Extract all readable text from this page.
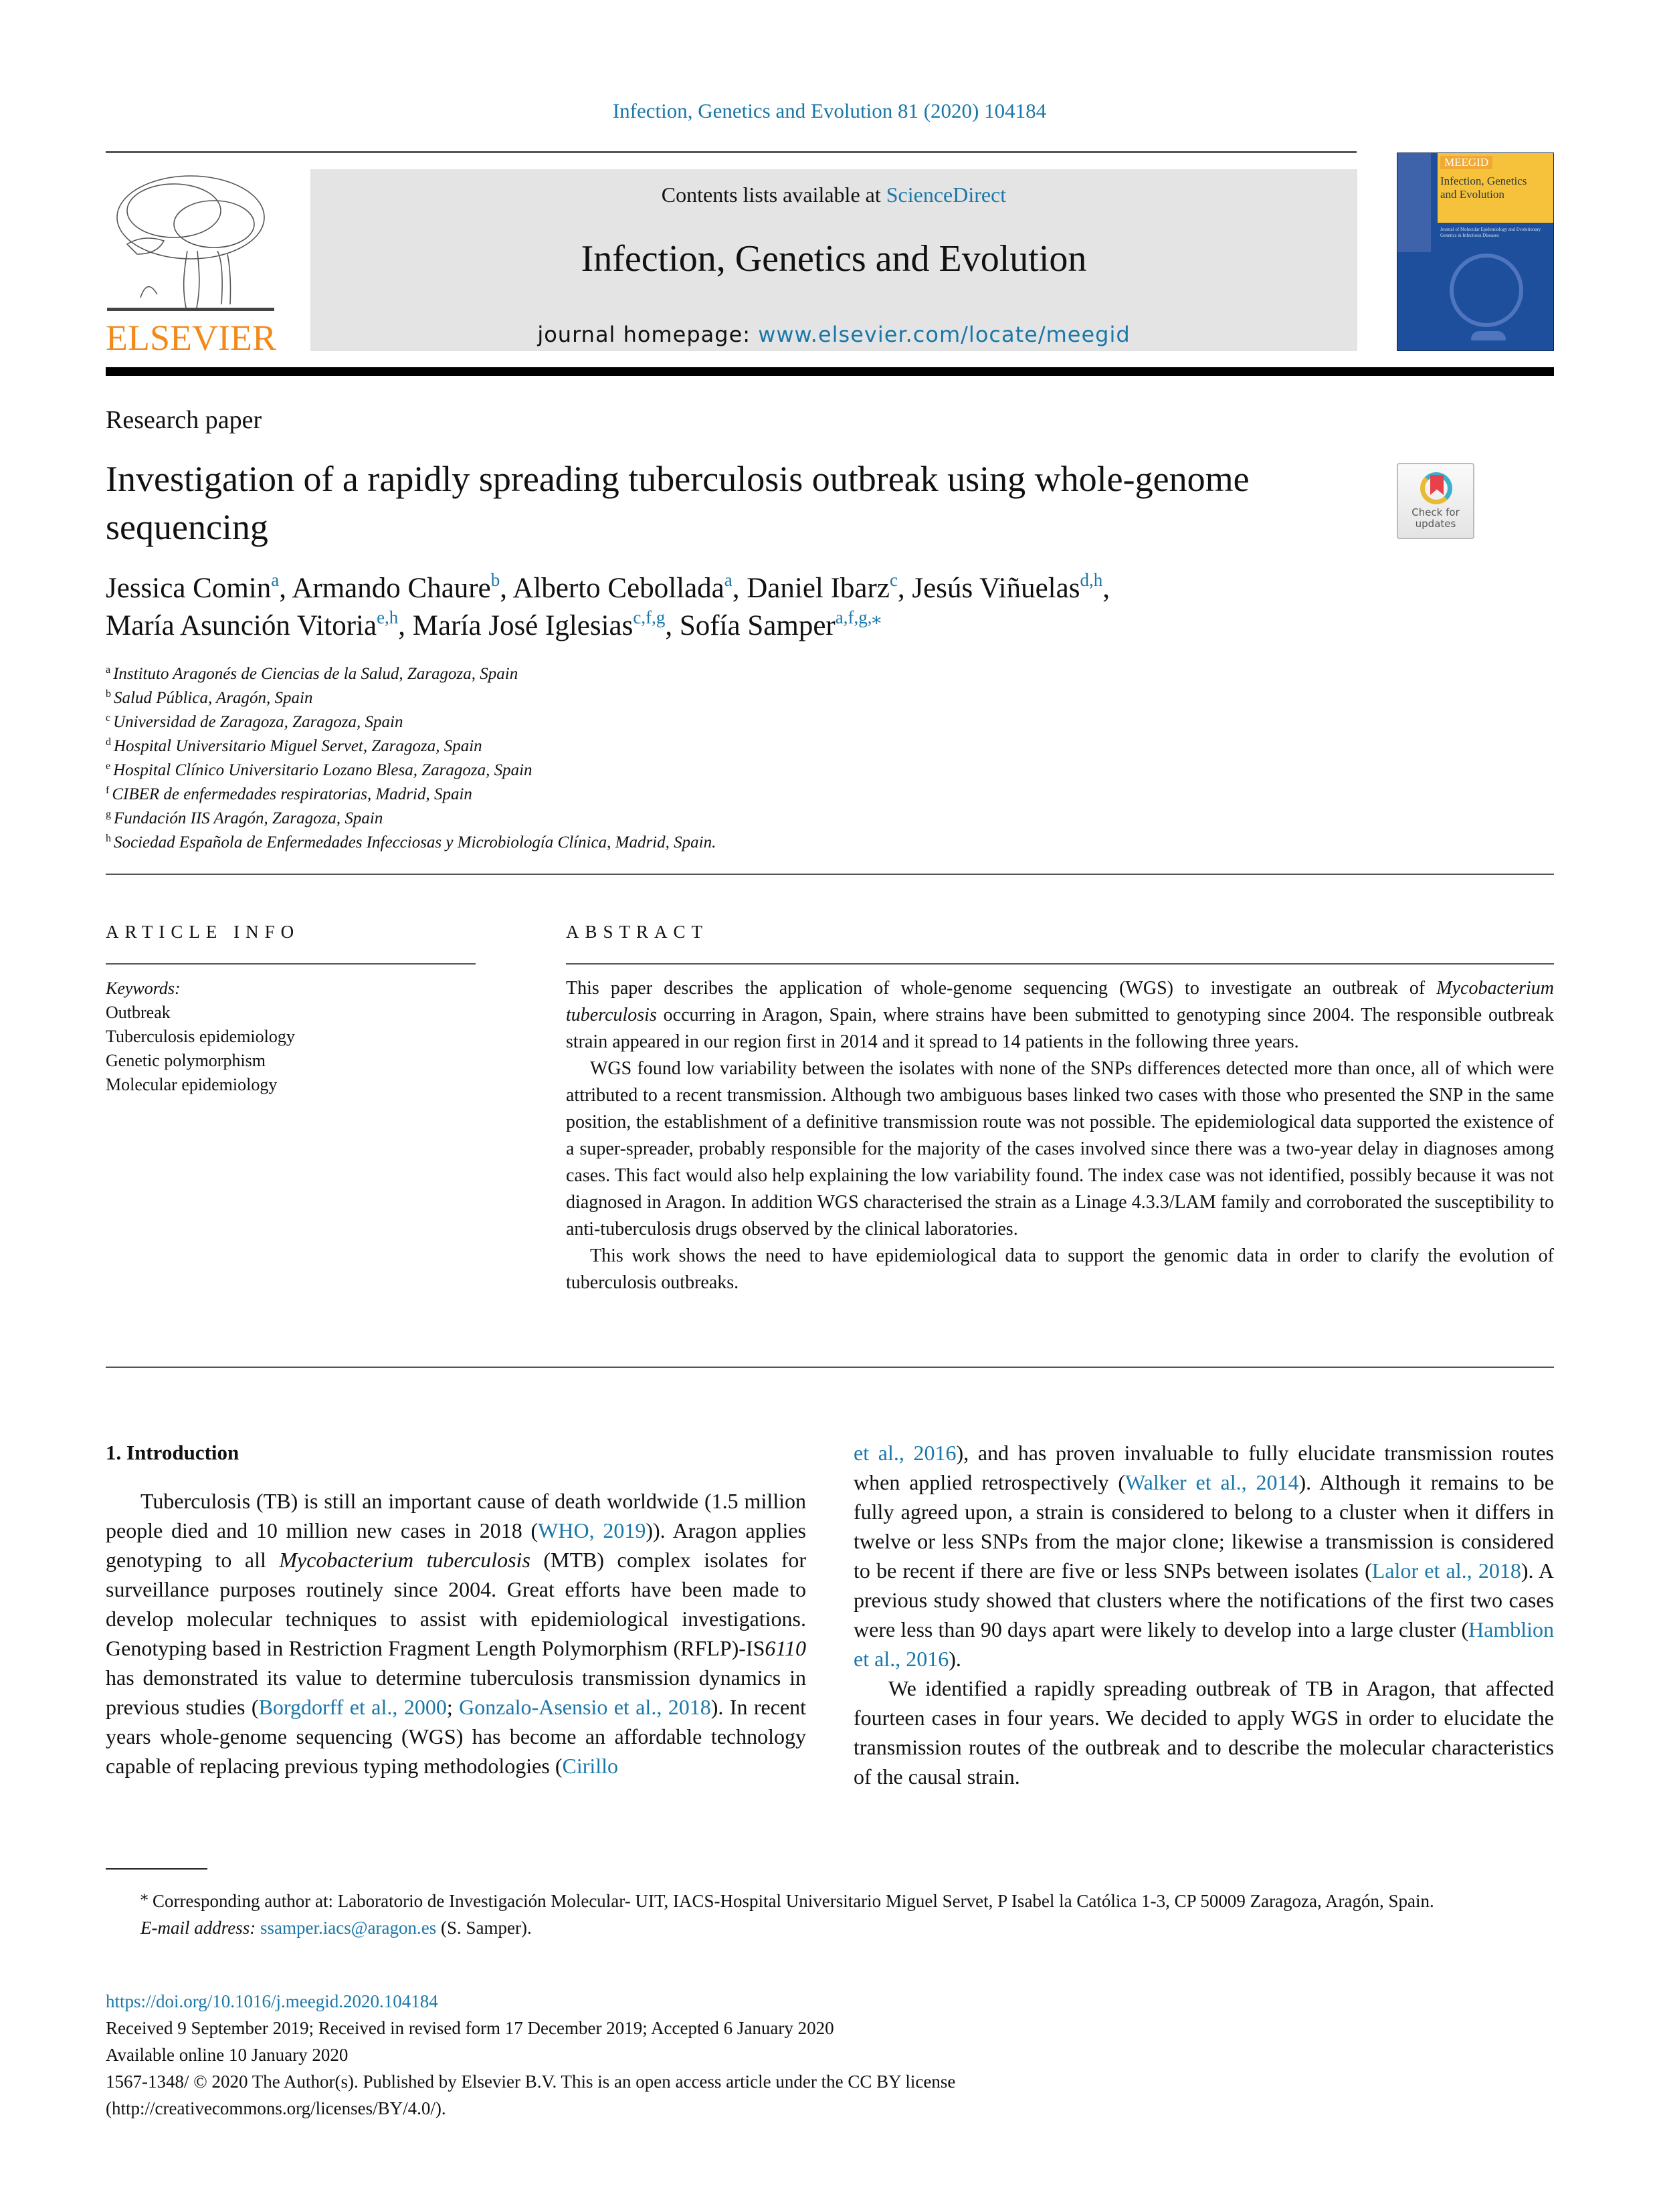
Infection, Genetics and Evolution 81 (2020) 104184
ELSEVIER
Contents lists available at ScienceDirect
Infection, Genetics and Evolution
journal homepage: www.elsevier.com/locate/meegid
MEEGID
Infection, Genetics
and Evolution
Journal of Molecular Epidemiology and Evolutionary Genetics in Infectious Diseases
Research paper
Investigation of a rapidly spreading tuberculosis outbreak using whole-genome sequencing	Check for
updates
Jessica Comin$^a$, Armando Chaure$^b$, Alberto Cebollada$^a$, Daniel Ibarz$^c$, Jesús Viñuelas$^{d,h}$,
María Asunción Vitoria$^{e,h}$, María José Iglesias$^{c,f,g}$, Sofía Samper$^{a,f,g,⁎}$
$^a$ Instituto Aragonés de Ciencias de la Salud, Zaragoza, Spain
$^b$ Salud Pública, Aragón, Spain
$^c$ Universidad de Zaragoza, Zaragoza, Spain
$^d$ Hospital Universitario Miguel Servet, Zaragoza, Spain
$^e$ Hospital Clínico Universitario Lozano Blesa, Zaragoza, Spain
$^f$ CIBER de enfermedades respiratorias, Madrid, Spain
$^g$ Fundación IIS Aragón, Zaragoza, Spain
$^h$ Sociedad Española de Enfermedades Infecciosas y Microbiología Clínica, Madrid, Spain.
ARTICLE INFO
Keywords:
Outbreak
Tuberculosis epidemiology
Genetic polymorphism
Molecular epidemiology
ABSTRACT

This paper describes the application of whole-genome sequencing (WGS) to investigate an outbreak of Mycobacterium tuberculosis occurring in Aragon, Spain, where strains have been submitted to genotyping since 2004. The responsible outbreak strain appeared in our region first in 2014 and it spread to 14 patients in the following three years.

WGS found low variability between the isolates with none of the SNPs differences detected more than once, all of which were attributed to a recent transmission. Although two ambiguous bases linked two cases with those who presented the SNP in the same position, the establishment of a definitive transmission route was not possible. The epidemiological data supported the existence of a super-spreader, probably responsible for the majority of the cases involved since there was a two-year delay in diagnoses among cases. This fact would also help explaining the low variability found. The index case was not identified, possibly because it was not diagnosed in Aragon. In addition WGS characterised the strain as a Linage 4.3.3/LAM family and corroborated the susceptibility to anti-tuberculosis drugs observed by the clinical laboratories.

This work shows the need to have epidemiological data to support the genomic data in order to clarify the evolution of tuberculosis outbreaks.

1. Introduction

Tuberculosis (TB) is still an important cause of death worldwide (1.5 million people died and 10 million new cases in 2018 (WHO, 2019)). Aragon applies genotyping to all Mycobacterium tuberculosis (MTB) complex isolates for surveillance purposes routinely since 2004. Great efforts have been made to develop molecular techniques to assist with epidemiological investigations. Genotyping based in Restriction Fragment Length Polymorphism (RFLP)-IS6110 has demonstrated its value to determine tuberculosis transmission dynamics in previous studies (Borgdorff et al., 2000; Gonzalo-Asensio et al., 2018). In recent years whole-genome sequencing (WGS) has become an affordable technology capable of replacing previous typing methodologies (Cirillo

et al., 2016), and has proven invaluable to fully elucidate transmission routes when applied retrospectively (Walker et al., 2014). Although it remains to be fully agreed upon, a strain is considered to belong to a cluster when it differs in twelve or less SNPs from the major clone; likewise a transmission is considered to be recent if there are five or less SNPs between isolates (Lalor et al., 2018). A previous study showed that clusters where the notifications of the first two cases were less than 90 days apart were likely to develop into a large cluster (Hamblion et al., 2016).

We identified a rapidly spreading outbreak of TB in Aragon, that affected fourteen cases in four years. We decided to apply WGS in order to elucidate the transmission routes of the outbreak and to describe the molecular characteristics of the causal strain.

⁎ Corresponding author at: Laboratorio de Investigación Molecular- UIT, IACS-Hospital Universitario Miguel Servet, P Isabel la Católica 1-3, CP 50009 Zaragoza, Aragón, Spain.

E-mail address: ssamper.iacs@aragon.es (S. Samper).

https://doi.org/10.1016/j.meegid.2020.104184
Received 9 September 2019; Received in revised form 17 December 2019; Accepted 6 January 2020
Available online 10 January 2020
1567-1348/ © 2020 The Author(s). Published by Elsevier B.V. This is an open access article under the CC BY license
(http://creativecommons.org/licenses/BY/4.0/).
